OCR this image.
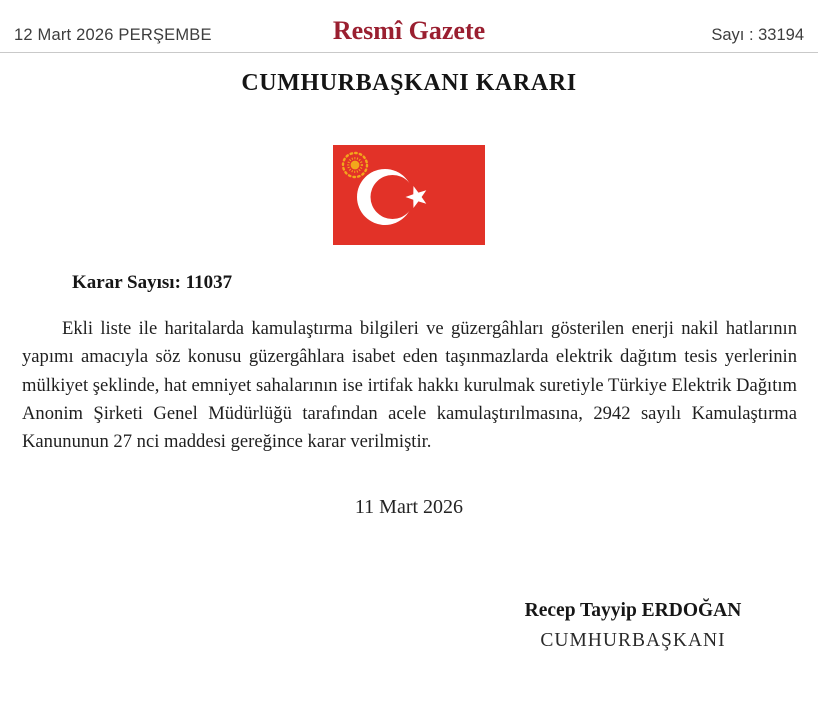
12 Mart 2026 PERŞEMBE	Resmî Gazete	Sayı : 33194
CUMHURBAŞKANI KARARI
Karar Sayısı: 11037

Ekli liste ile haritalarda kamulaştırma bilgileri ve güzergâhları gösterilen enerji nakil hatlarının yapımı amacıyla söz konusu güzergâhlara isabet eden taşınmazlarda elektrik dağıtım tesis yerlerinin mülkiyet şeklinde, hat emniyet sahalarının ise irtifak hakkı kurulmak suretiyle Türkiye Elektrik Dağıtım Anonim Şirketi Genel Müdürlüğü tarafından acele kamulaştırılmasına, 2942 sayılı Kamulaştırma Kanununun 27 nci maddesi gereğince karar verilmiştir.

11 Mart 2026
Recep Tayyip ERDOĞAN
CUMHURBAŞKANI
